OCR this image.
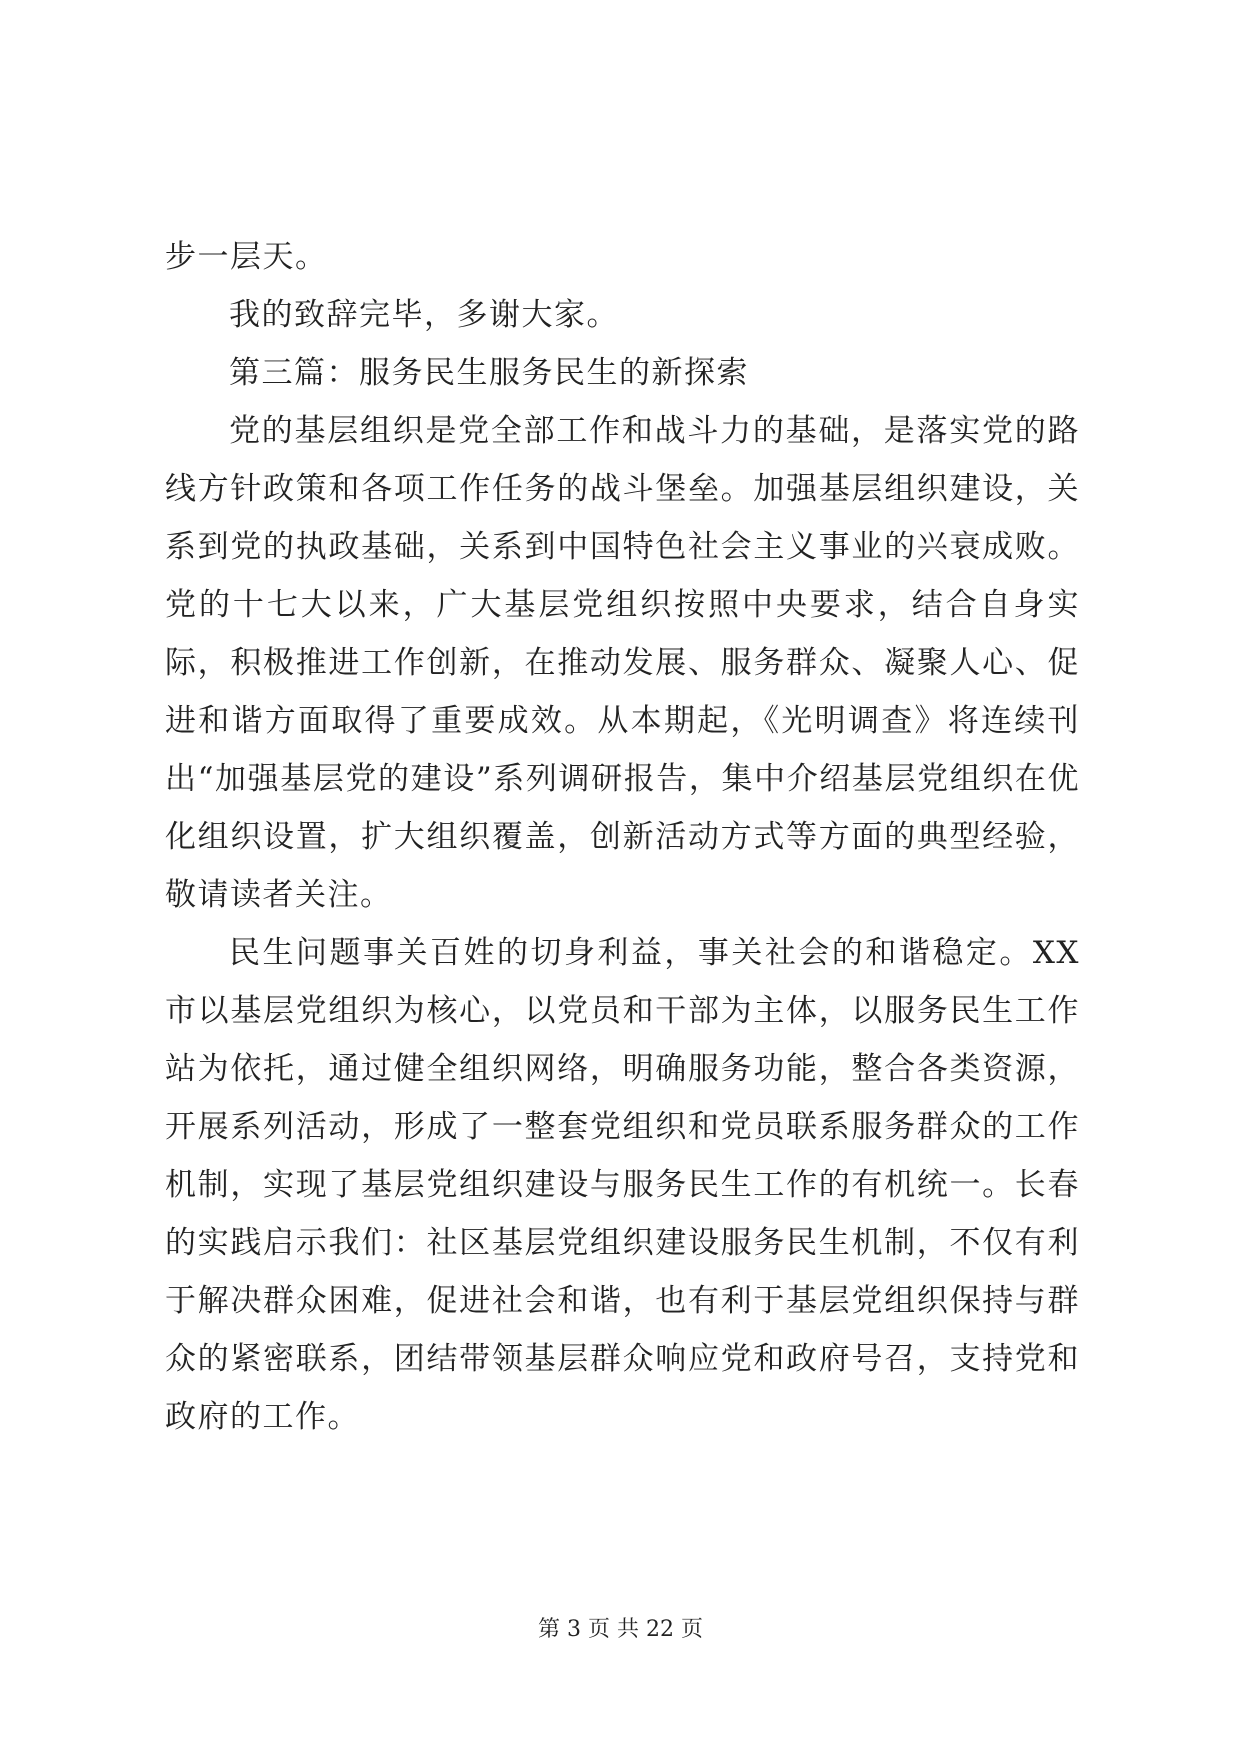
步一层天。

我的致辞完毕，多谢大家。

第三篇：服务民生服务民生的新探索

党的基层组织是党全部工作和战斗力的基础，是落实党的路线方针政策和各项工作任务的战斗堡垒。加强基层组织建设，关系到党的执政基础，关系到中国特色社会主义事业的兴衰成败。党的十七大以来，广大基层党组织按照中央要求，结合自身实际，积极推进工作创新，在推动发展、服务群众、凝聚人心、促进和谐方面取得了重要成效。从本期起，《光明调查》将连续刊出“加强基层党的建设”系列调研报告，集中介绍基层党组织在优化组织设置，扩大组织覆盖，创新活动方式等方面的典型经验，敬请读者关注。

民生问题事关百姓的切身利益，事关社会的和谐稳定。XX市以基层党组织为核心，以党员和干部为主体，以服务民生工作站为依托，通过健全组织网络，明确服务功能，整合各类资源，开展系列活动，形成了一整套党组织和党员联系服务群众的工作机制，实现了基层党组织建设与服务民生工作的有机统一。长春的实践启示我们：社区基层党组织建设服务民生机制，不仅有利于解决群众困难，促进社会和谐，也有利于基层党组织保持与群众的紧密联系，团结带领基层群众响应党和政府号召，支持党和政府的工作。

第 3 页 共 22 页
